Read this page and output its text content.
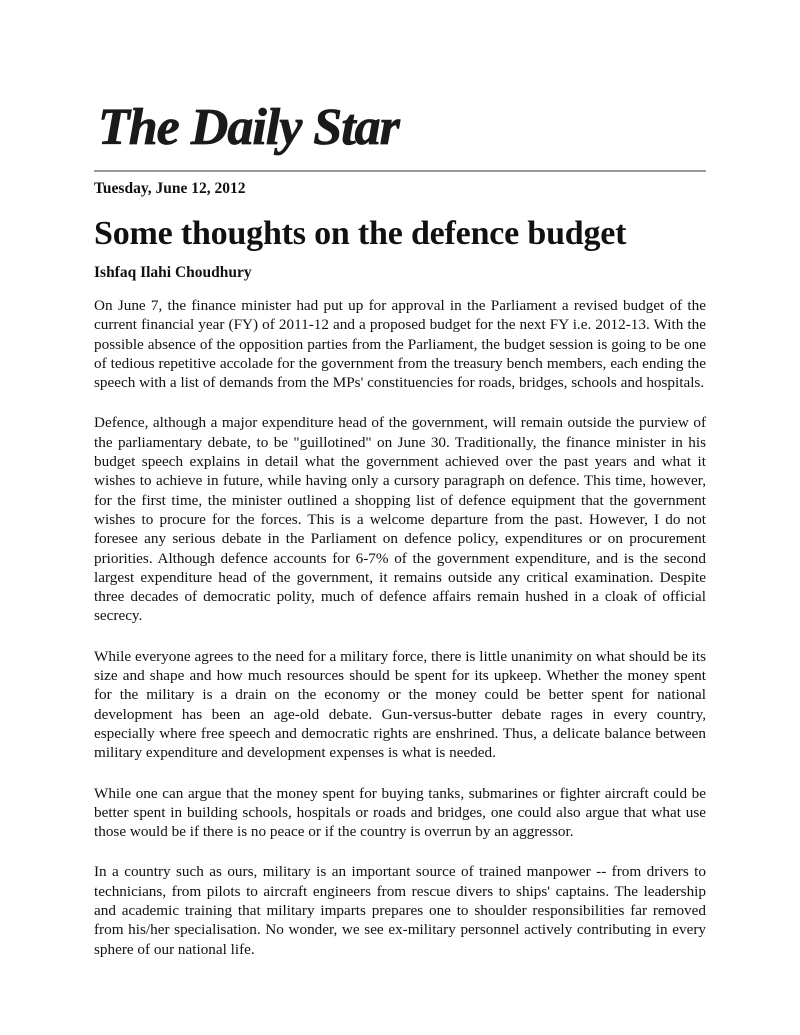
The Daily Star
Tuesday, June 12, 2012
Some thoughts on the defence budget
Ishfaq Ilahi Choudhury

On June 7, the finance minister had put up for approval in the Parliament a revised budget of the current financial year (FY) of 2011-12 and a proposed budget for the next FY i.e. 2012-13. With the possible absence of the opposition parties from the Parliament, the budget session is going to be one of tedious repetitive accolade for the government from the treasury bench members, each ending the speech with a list of demands from the MPs' constituencies for roads, bridges, schools and hospitals.

Defence, although a major expenditure head of the government, will remain outside the purview of the parliamentary debate, to be "guillotined" on June 30. Traditionally, the finance minister in his budget speech explains in detail what the government achieved over the past years and what it wishes to achieve in future, while having only a cursory paragraph on defence. This time, however, for the first time, the minister outlined a shopping list of defence equipment that the government wishes to procure for the forces. This is a welcome departure from the past. However, I do not foresee any serious debate in the Parliament on defence policy, expenditures or on procurement priorities. Although defence accounts for 6-7% of the government expenditure, and is the second largest expenditure head of the government, it remains outside any critical examination. Despite three decades of democratic polity, much of defence affairs remain hushed in a cloak of official secrecy.

While everyone agrees to the need for a military force, there is little unanimity on what should be its size and shape and how much resources should be spent for its upkeep. Whether the money spent for the military is a drain on the economy or the money could be better spent for national development has been an age-old debate. Gun-versus-butter debate rages in every country, especially where free speech and democratic rights are enshrined. Thus, a delicate balance between military expenditure and development expenses is what is needed.

While one can argue that the money spent for buying tanks, submarines or fighter aircraft could be better spent in building schools, hospitals or roads and bridges, one could also argue that what use those would be if there is no peace or if the country is overrun by an aggressor.

In a country such as ours, military is an important source of trained manpower -- from drivers to technicians, from pilots to aircraft engineers from rescue divers to ships' captains. The leadership and academic training that military imparts prepares one to shoulder responsibilities far removed from his/her specialisation. No wonder, we see ex-military personnel actively contributing in every sphere of our national life.
